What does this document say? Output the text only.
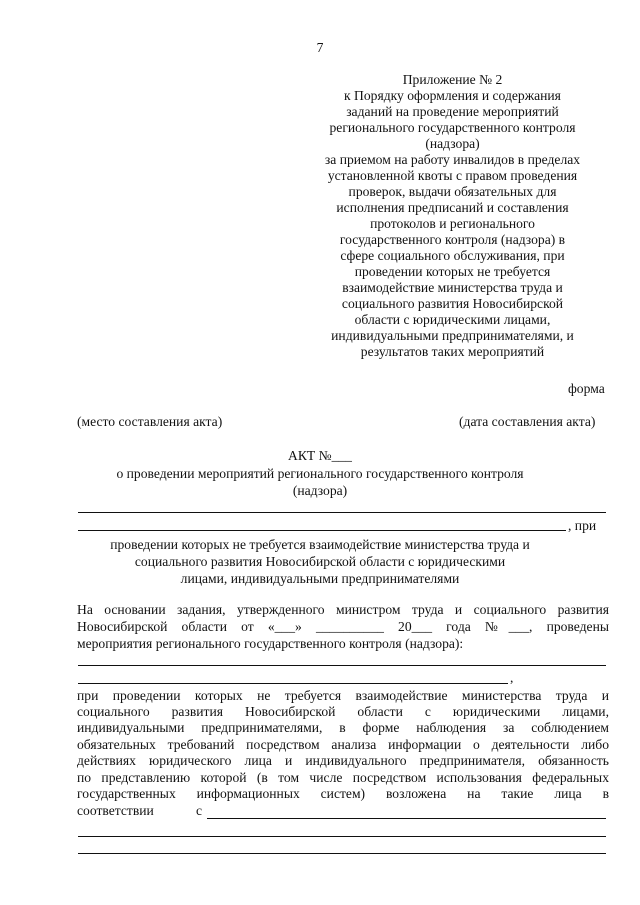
7
Приложение № 2
к Порядку оформления и содержания
заданий на проведение мероприятий
регионального государственного контроля
(надзора)
за приемом на работу инвалидов в пределах
установленной квоты с правом проведения
проверок, выдачи обязательных для
исполнения предписаний и составления
протоколов и регионального
государственного контроля (надзора) в
сфере социального обслуживания, при
проведении которых не требуется
взаимодействие министерства труда и
социального развития Новосибирской
области с юридическими лицами,
индивидуальными предпринимателями, и
результатов таких мероприятий
форма
(место составления акта)	(дата составления акта)
АКТ №___
о проведении мероприятий регионального государственного контроля
(надзора)
, при
проведении которых не требуется взаимодействие министерства труда и
социального развития Новосибирской области с юридическими
лицами, индивидуальными предпринимателями
На основании задания, утвержденного министром труда и социального развития
Новосибирской области от «___» __________ 20___ года №___, проведены
мероприятия регионального государственного контроля (надзора):
,
при проведении которых не требуется взаимодействие министерства труда и
социального развития Новосибирской области с юридическими лицами,
индивидуальными предпринимателями, в форме наблюдения за соблюдением
обязательных требований посредством анализа информации о деятельности либо
действиях юридического лица и индивидуального предпринимателя, обязанность
по представлению которой (в том числе посредством использования федеральных
государственных информационных систем) возложена на такие лица в
соответствии	с
